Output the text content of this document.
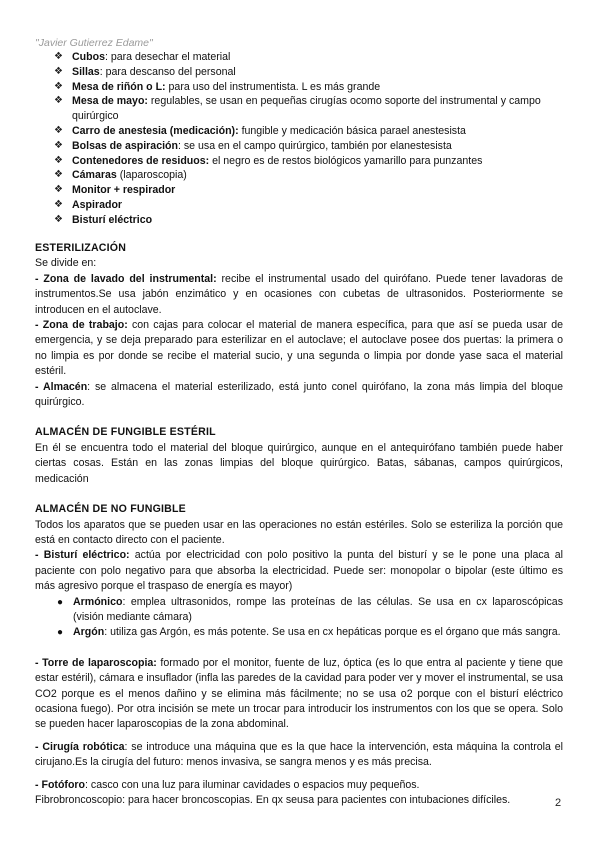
"Javier Gutierrez Edame"
❖ Cubos: para desechar el material
❖ Sillas: para descanso del personal
❖ Mesa de riñón o L: para uso del instrumentista. L es más grande
❖ Mesa de mayo: regulables, se usan en pequeñas cirugías ocomo soporte del instrumental y campo quirúrgico
❖ Carro de anestesia (medicación): fungible y medicación básica parael anestesista
❖ Bolsas de aspiración: se usa en el campo quirúrgico, también por elanestesista
❖ Contenedores de residuos: el negro es de restos biológicos yamarillo para punzantes
❖ Cámaras (laparoscopia)
❖ Monitor + respirador
❖ Aspirador
❖ Bisturí eléctrico

ESTERILIZACIÓN

Se divide en:

- Zona de lavado del instrumental: recibe el instrumental usado del quirófano. Puede tener lavadoras de instrumentos.Se usa jabón enzimático y en ocasiones con cubetas de ultrasonidos. Posteriormente se introducen en el autoclave.

- Zona de trabajo: con cajas para colocar el material de manera específica, para que así se pueda usar de emergencia, y se deja preparado para esterilizar en el autoclave; el autoclave posee dos puertas: la primera o no limpia es por donde se recibe el material sucio, y una segunda o limpia por donde yase saca el material estéril.

- Almacén: se almacena el material esterilizado, está junto conel quirófano, la zona más limpia del bloque quirúrgico.

ALMACÉN DE FUNGIBLE ESTÉRIL

En él se encuentra todo el material del bloque quirúrgico, aunque en el antequirófano también puede haber ciertas cosas. Están en las zonas limpias del bloque quirúrgico. Batas, sábanas, campos quirúrgicos, medicación

ALMACÉN DE NO FUNGIBLE

Todos los aparatos que se pueden usar en las operaciones no están estériles. Solo se esteriliza la porción que está en contacto directo con el paciente.

- Bisturí eléctrico: actúa por electricidad con polo positivo la punta del bisturí y se le pone una placa al paciente con polo negativo para que absorba la electricidad. Puede ser: monopolar o bipolar (este último es más agresivo porque el traspaso de energía es mayor)

● Armónico: emplea ultrasonidos, rompe las proteínas de las células. Se usa en cx laparoscópicas (visión mediante cámara)
● Argón: utiliza gas Argón, es más potente. Se usa en cx hepáticas porque es el órgano que más sangra.

- Torre de laparoscopia: formado por el monitor, fuente de luz, óptica (es lo que entra al paciente y tiene que estar estéril), cámara e insuflador (infla las paredes de la cavidad para poder ver y mover el instrumental, se usa CO2 porque es el menos dañino y se elimina más fácilmente; no se usa o2 porque con el bisturí eléctrico ocasiona fuego). Por otra incisión se mete un trocar para introducir los instrumentos con los que se opera. Solo se pueden hacer laparoscopias de la zona abdominal.

- Cirugía robótica: se introduce una máquina que es la que hace la intervención, esta máquina la controla el cirujano.Es la cirugía del futuro: menos invasiva, se sangra menos y es más precisa.

- Fotóforo: casco con una luz para iluminar cavidades o espacios muy pequeños.

Fibrobroncoscopio: para hacer broncoscopias. En qx seusa para pacientes con intubaciones difíciles.	2
